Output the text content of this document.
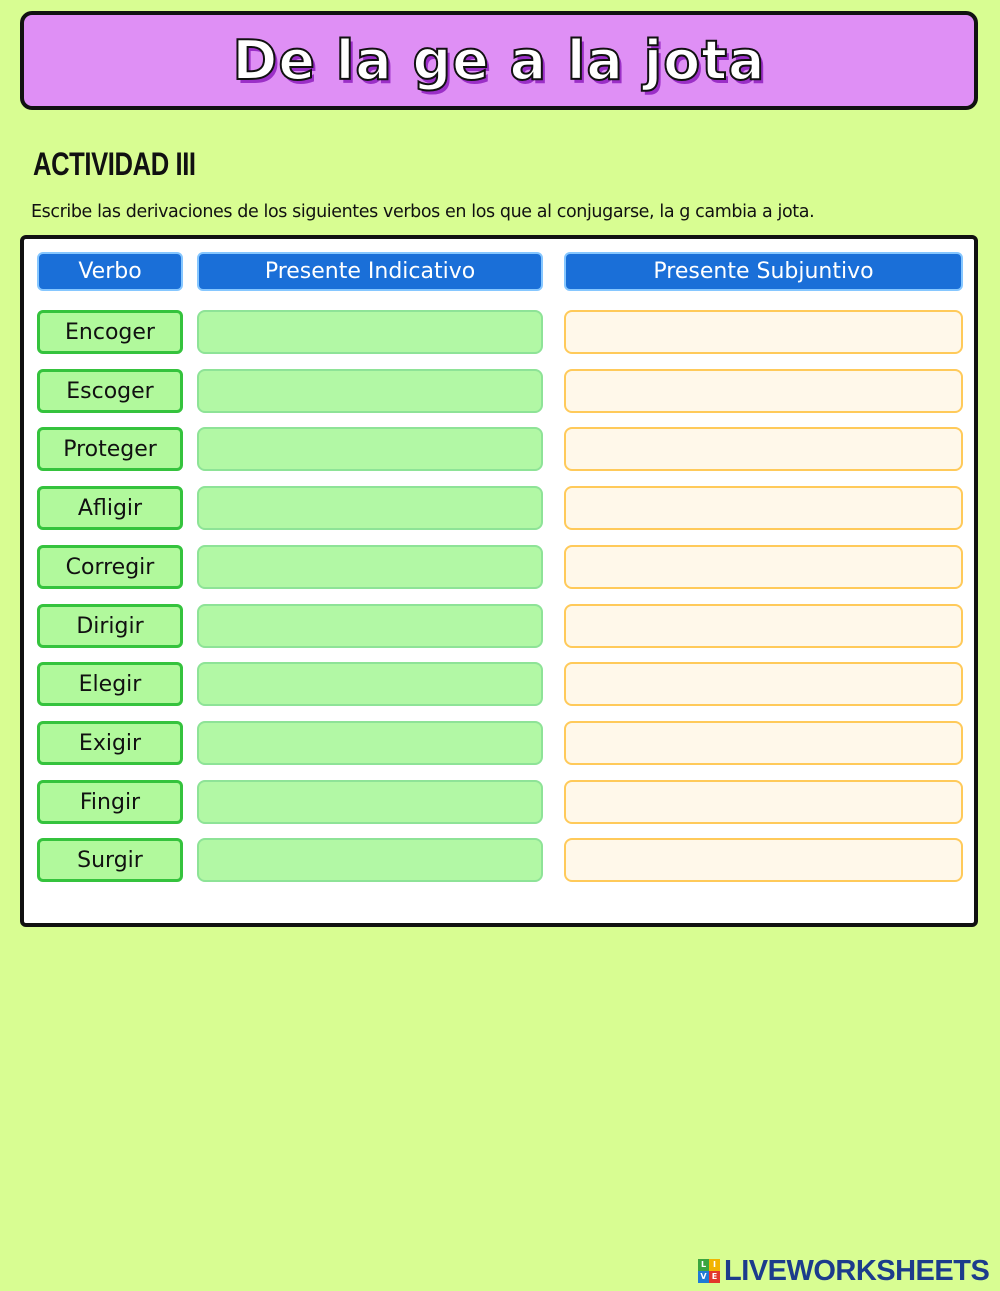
De la ge a la jota
ACTIVIDAD III
Escribe las derivaciones de los siguientes verbos en los que al conjugarse, la g cambia a jota.
Verbo	Presente Indicativo	Presente Subjuntivo
Encoger
Escoger
Proteger
Afligir
Corregir
Dirigir
Elegir
Exigir
Fingir
Surgir
L I
V E LIVEWORKSHEETS
